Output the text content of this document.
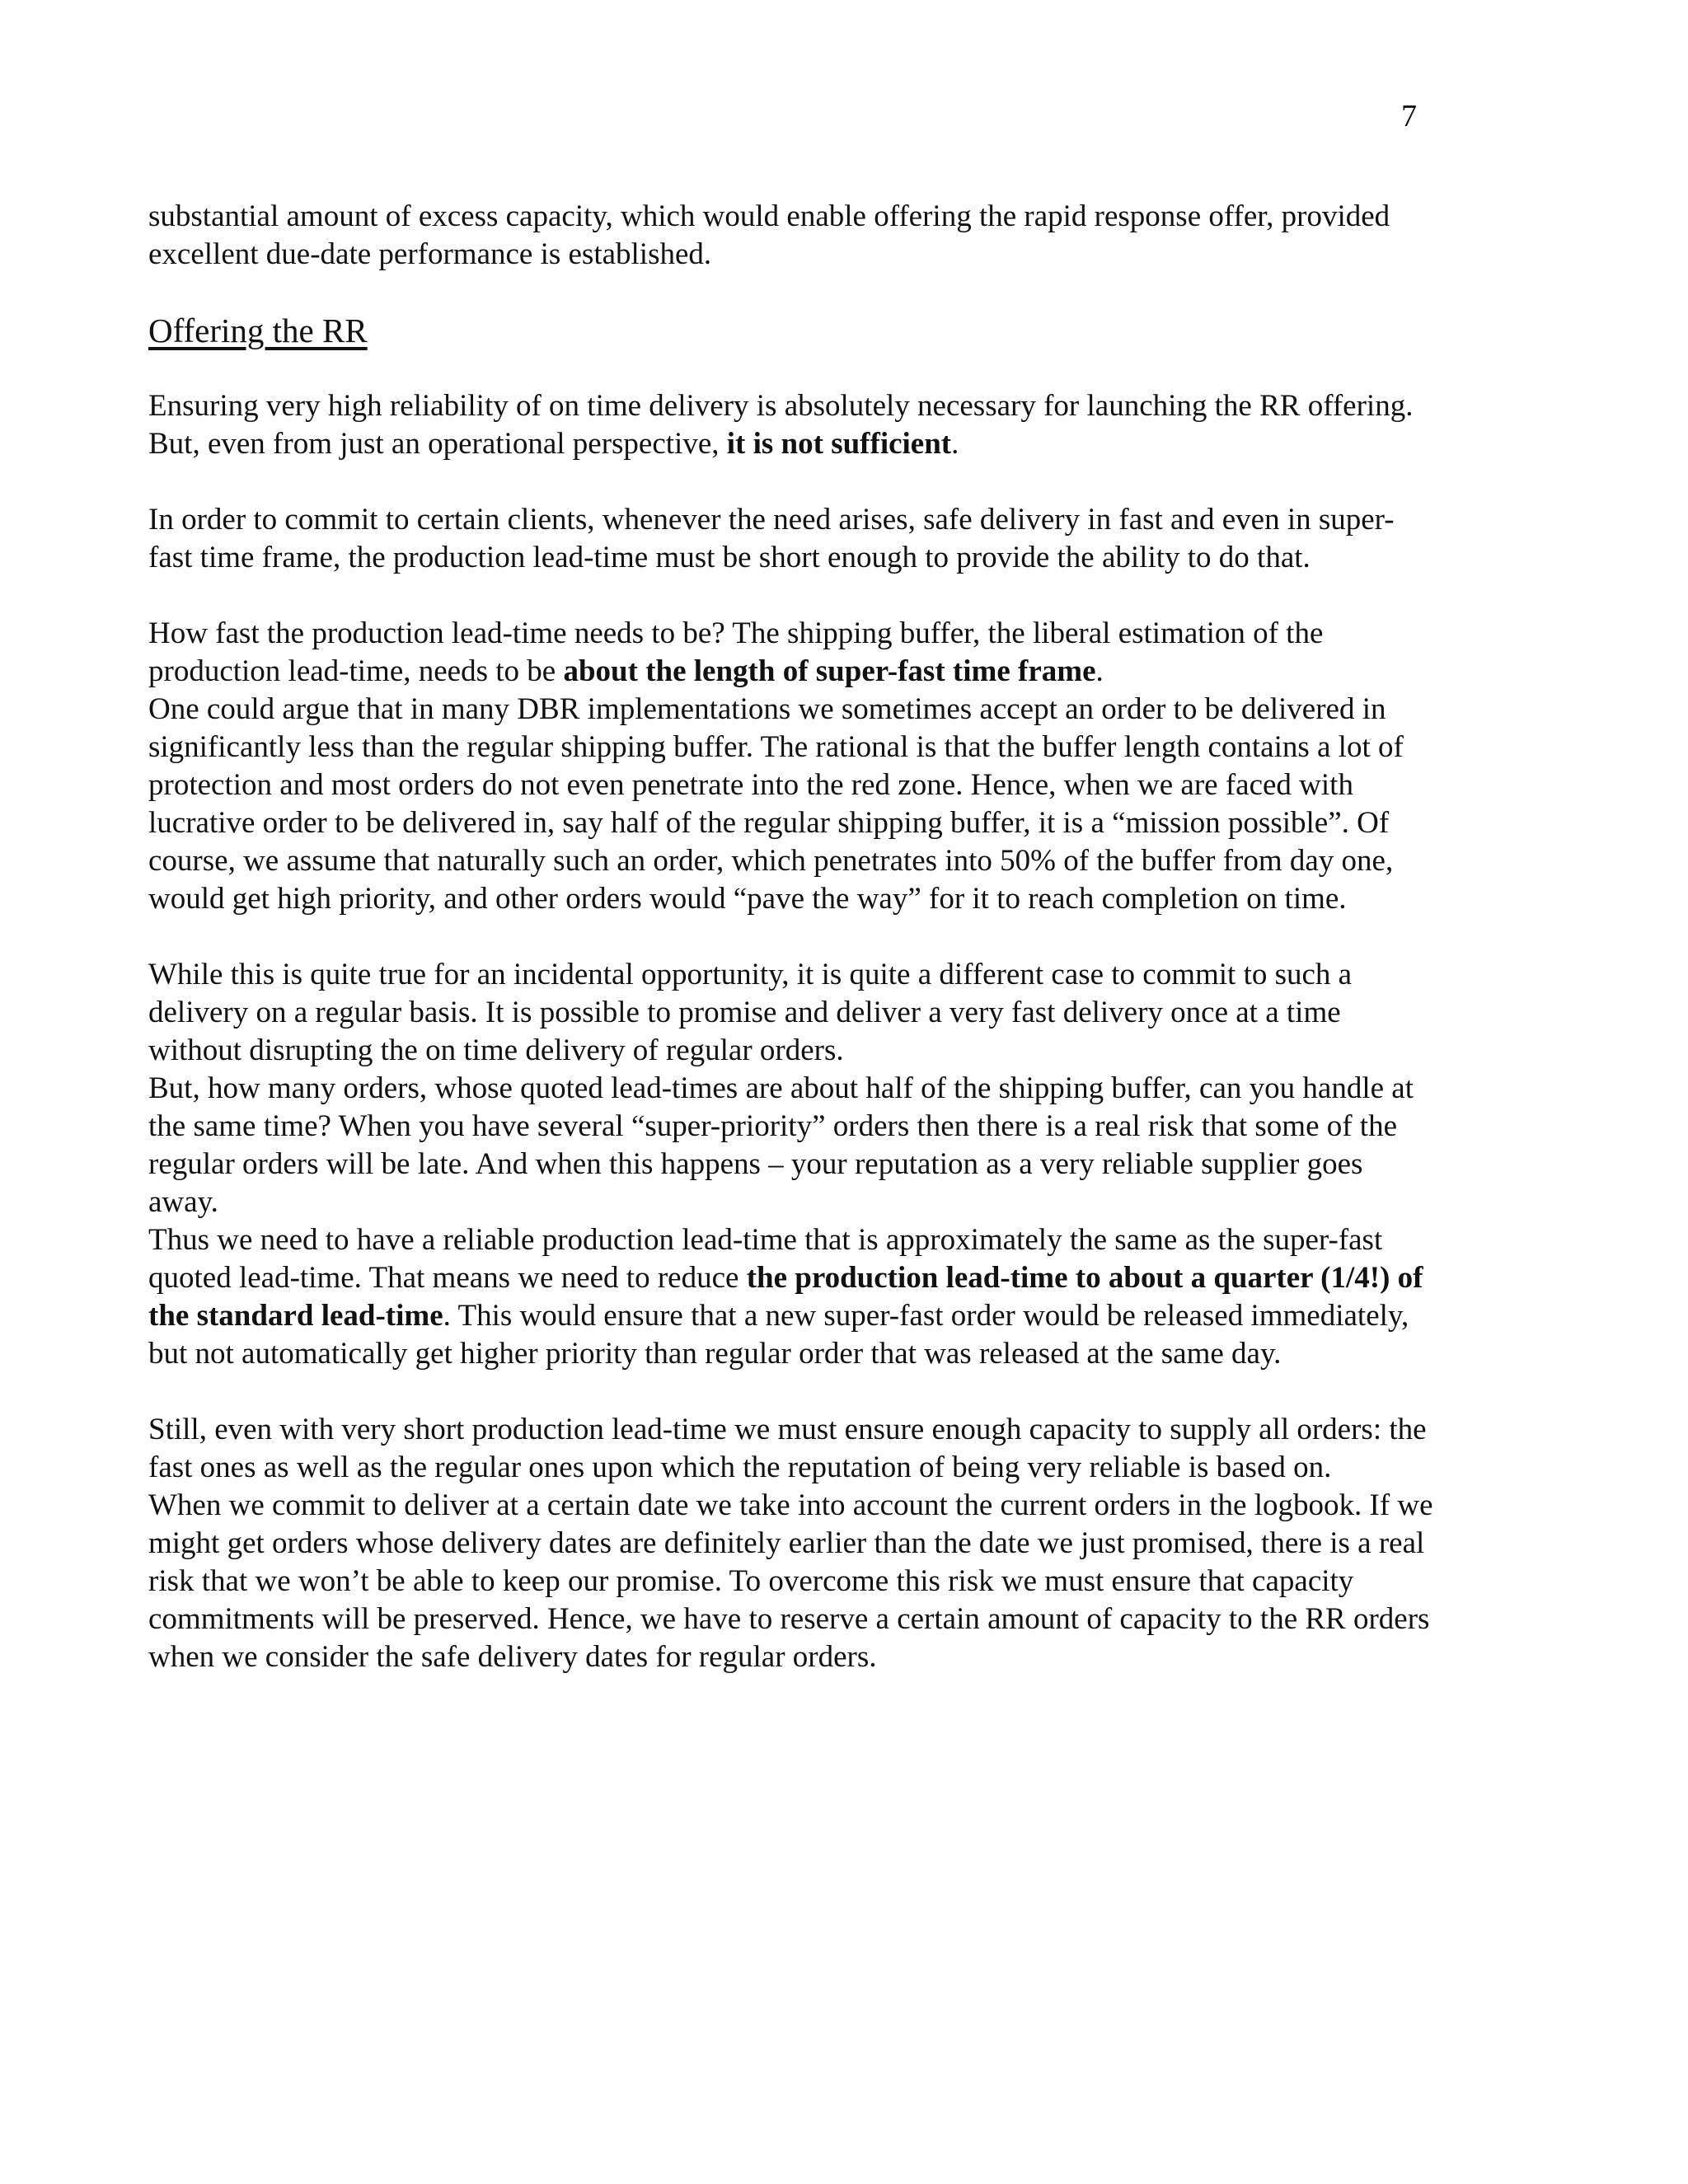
7

substantial amount of excess capacity, which would enable offering the rapid response offer, provided excellent due-date performance is established.

Offering the RR

Ensuring very high reliability of on time delivery is absolutely necessary for launching the RR offering. But, even from just an operational perspective, it is not sufficient.

In order to commit to certain clients, whenever the need arises, safe delivery in fast and even in super-fast time frame, the production lead-time must be short enough to provide the ability to do that.

How fast the production lead-time needs to be? The shipping buffer, the liberal estimation of the production lead-time, needs to be about the length of super-fast time frame.

One could argue that in many DBR implementations we sometimes accept an order to be delivered in significantly less than the regular shipping buffer. The rational is that the buffer length contains a lot of protection and most orders do not even penetrate into the red zone. Hence, when we are faced with lucrative order to be delivered in, say half of the regular shipping buffer, it is a “mission possible”. Of course, we assume that naturally such an order, which penetrates into 50% of the buffer from day one, would get high priority, and other orders would “pave the way” for it to reach completion on time.

While this is quite true for an incidental opportunity, it is quite a different case to commit to such a delivery on a regular basis. It is possible to promise and deliver a very fast delivery once at a time without disrupting the on time delivery of regular orders.

But, how many orders, whose quoted lead-times are about half of the shipping buffer, can you handle at the same time? When you have several “super-priority” orders then there is a real risk that some of the regular orders will be late. And when this happens – your reputation as a very reliable supplier goes away.

Thus we need to have a reliable production lead-time that is approximately the same as the super-fast quoted lead-time. That means we need to reduce the production lead-time to about a quarter (1/4!) of the standard lead-time. This would ensure that a new super-fast order would be released immediately, but not automatically get higher priority than regular order that was released at the same day.

Still, even with very short production lead-time we must ensure enough capacity to supply all orders: the fast ones as well as the regular ones upon which the reputation of being very reliable is based on.

When we commit to deliver at a certain date we take into account the current orders in the logbook. If we might get orders whose delivery dates are definitely earlier than the date we just promised, there is a real risk that we won’t be able to keep our promise. To overcome this risk we must ensure that capacity commitments will be preserved. Hence, we have to reserve a certain amount of capacity to the RR orders when we consider the safe delivery dates for regular orders.
